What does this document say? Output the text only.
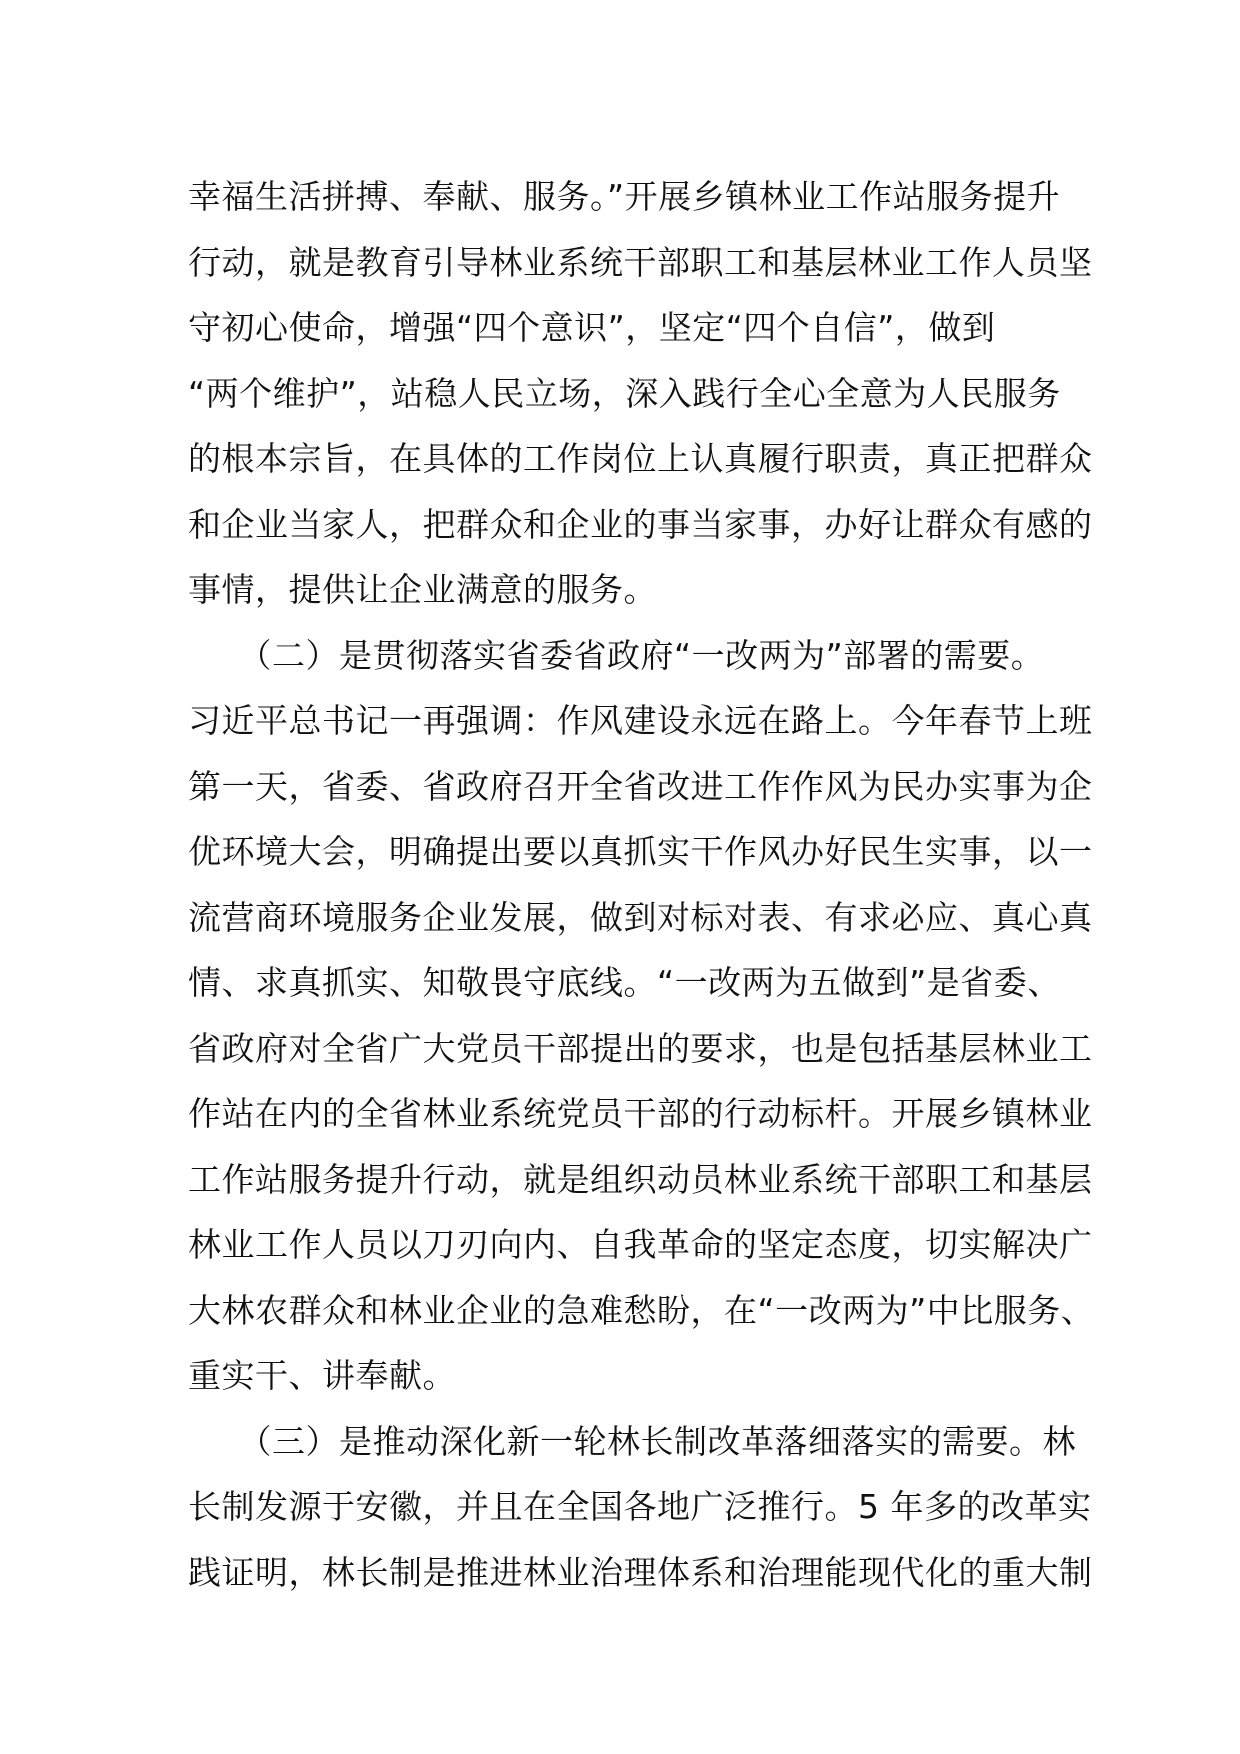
幸福生活拼搏、奉献、服务。”开展乡镇林业工作站服务提升
行动，就是教育引导林业系统干部职工和基层林业工作人员坚
守初心使命，增强“四个意识”，坚定“四个自信”，做到
“两个维护”，站稳人民立场，深入践行全心全意为人民服务
的根本宗旨，在具体的工作岗位上认真履行职责，真正把群众
和企业当家人，把群众和企业的事当家事，办好让群众有感的
事情，提供让企业满意的服务。
　　（二）是贯彻落实省委省政府“一改两为”部署的需要。
习近平总书记一再强调：作风建设永远在路上。今年春节上班
第一天，省委、省政府召开全省改进工作作风为民办实事为企
优环境大会，明确提出要以真抓实干作风办好民生实事，以一
流营商环境服务企业发展，做到对标对表、有求必应、真心真
情、求真抓实、知敬畏守底线。“一改两为五做到”是省委、
省政府对全省广大党员干部提出的要求，也是包括基层林业工
作站在内的全省林业系统党员干部的行动标杆。开展乡镇林业
工作站服务提升行动，就是组织动员林业系统干部职工和基层
林业工作人员以刀刃向内、自我革命的坚定态度，切实解决广
大林农群众和林业企业的急难愁盼，在“一改两为”中比服务、
重实干、讲奉献。
　　（三）是推动深化新一轮林长制改革落细落实的需要。林
长制发源于安徽，并且在全国各地广泛推行。5 年多的改革实
践证明，林长制是推进林业治理体系和治理能现代化的重大制
